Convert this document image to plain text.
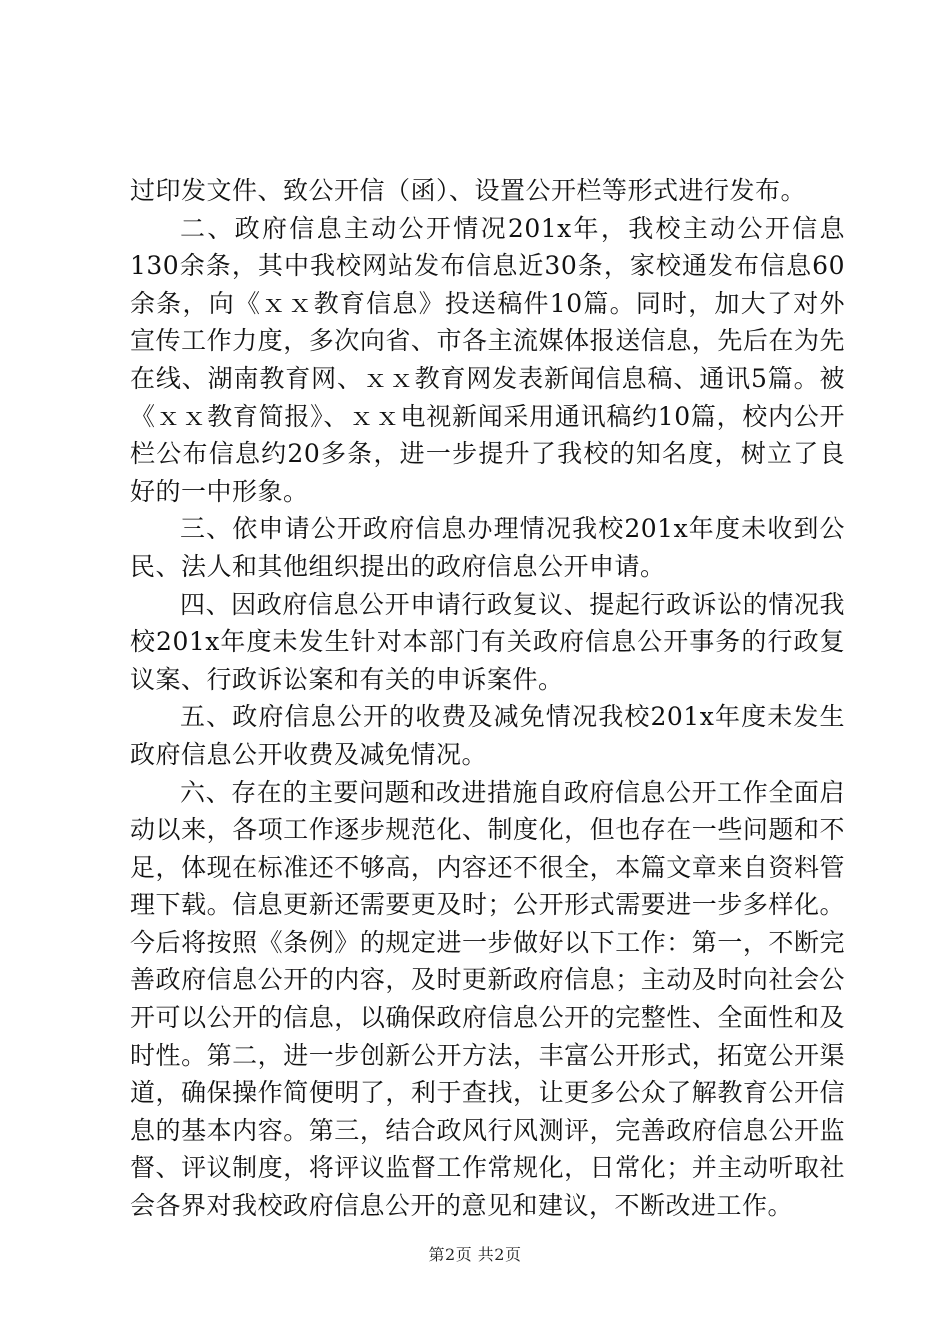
过印发文件、致公开信（函）、设置公开栏等形式进行发布。

二、政府信息主动公开情况201x年，我校主动公开信息130余条，其中我校网站发布信息近30条，家校通发布信息60余条，向《ｘｘ教育信息》投送稿件10篇。同时，加大了对外宣传工作力度，多次向省、市各主流媒体报送信息，先后在为先在线、湖南教育网、ｘｘ教育网发表新闻信息稿、通讯5篇。被《ｘｘ教育简报》、ｘｘ电视新闻采用通讯稿约10篇，校内公开栏公布信息约20多条，进一步提升了我校的知名度，树立了良好的一中形象。

三、依申请公开政府信息办理情况我校201x年度未收到公民、法人和其他组织提出的政府信息公开申请。

四、因政府信息公开申请行政复议、提起行政诉讼的情况我校201x年度未发生针对本部门有关政府信息公开事务的行政复议案、行政诉讼案和有关的申诉案件。

五、政府信息公开的收费及减免情况我校201x年度未发生政府信息公开收费及减免情况。

六、存在的主要问题和改进措施自政府信息公开工作全面启动以来，各项工作逐步规范化、制度化，但也存在一些问题和不足，体现在标准还不够高，内容还不很全，本篇文章来自资料管理下载。信息更新还需要更及时；公开形式需要进一步多样化。今后将按照《条例》的规定进一步做好以下工作：第一，不断完善政府信息公开的内容，及时更新政府信息；主动及时向社会公开可以公开的信息，以确保政府信息公开的完整性、全面性和及时性。第二，进一步创新公开方法，丰富公开形式，拓宽公开渠道，确保操作简便明了，利于查找，让更多公众了解教育公开信息的基本内容。第三，结合政风行风测评，完善政府信息公开监督、评议制度，将评议监督工作常规化，日常化；并主动听取社会各界对我校政府信息公开的意见和建议，不断改进工作。

第2页 共2页
